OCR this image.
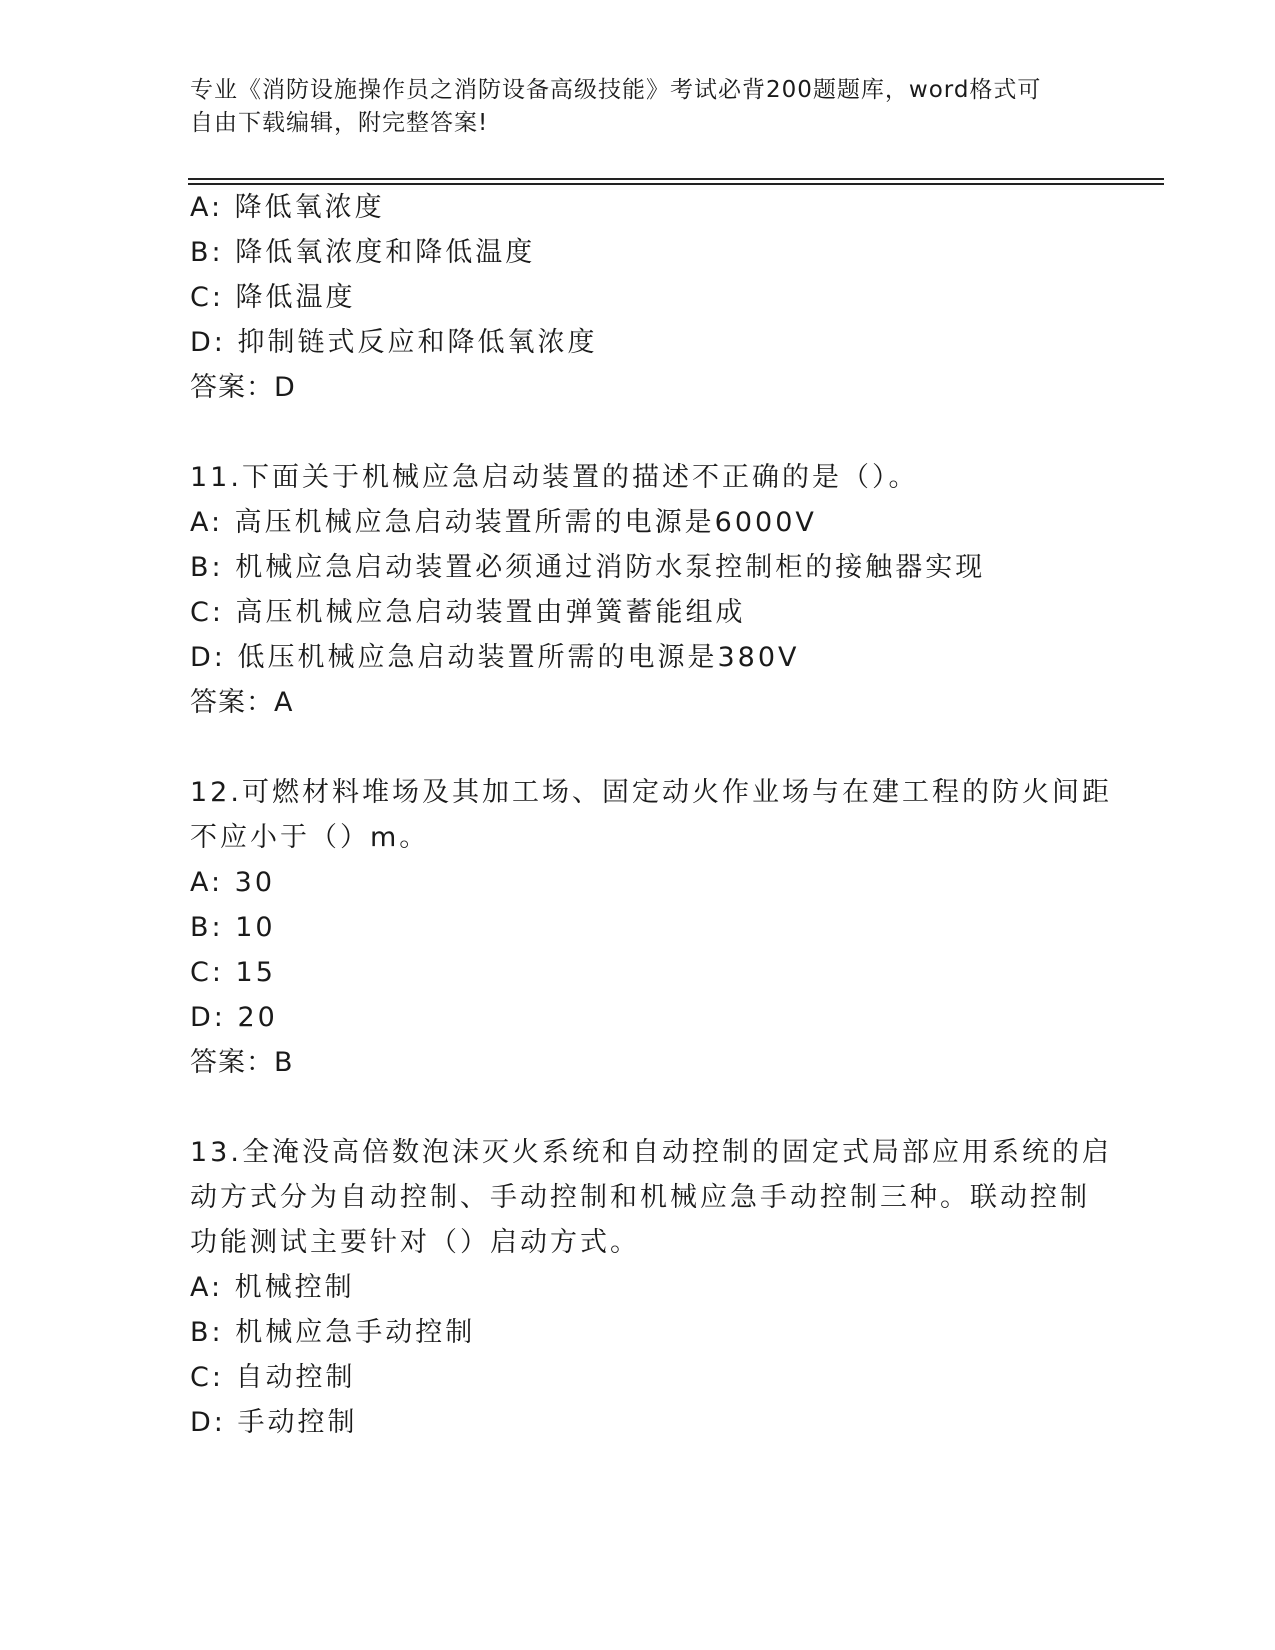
专业《消防设施操作员之消防设备高级技能》考试必背200题题库，word格式可
自由下载编辑，附完整答案!
A: 降低氧浓度
B: 降低氧浓度和降低温度
C: 降低温度
D: 抑制链式反应和降低氧浓度
答案：D
11.下面关于机械应急启动装置的描述不正确的是（）。
A: 高压机械应急启动装置所需的电源是6000V
B: 机械应急启动装置必须通过消防水泵控制柜的接触器实现
C: 高压机械应急启动装置由弹簧蓄能组成
D: 低压机械应急启动装置所需的电源是380V
答案：A
12.可燃材料堆场及其加工场、固定动火作业场与在建工程的防火间距
不应小于（）m。
A: 30
B: 10
C: 15
D: 20
答案：B
13.全淹没高倍数泡沫灭火系统和自动控制的固定式局部应用系统的启
动方式分为自动控制、手动控制和机械应急手动控制三种。联动控制
功能测试主要针对（）启动方式。
A: 机械控制
B: 机械应急手动控制
C: 自动控制
D: 手动控制
